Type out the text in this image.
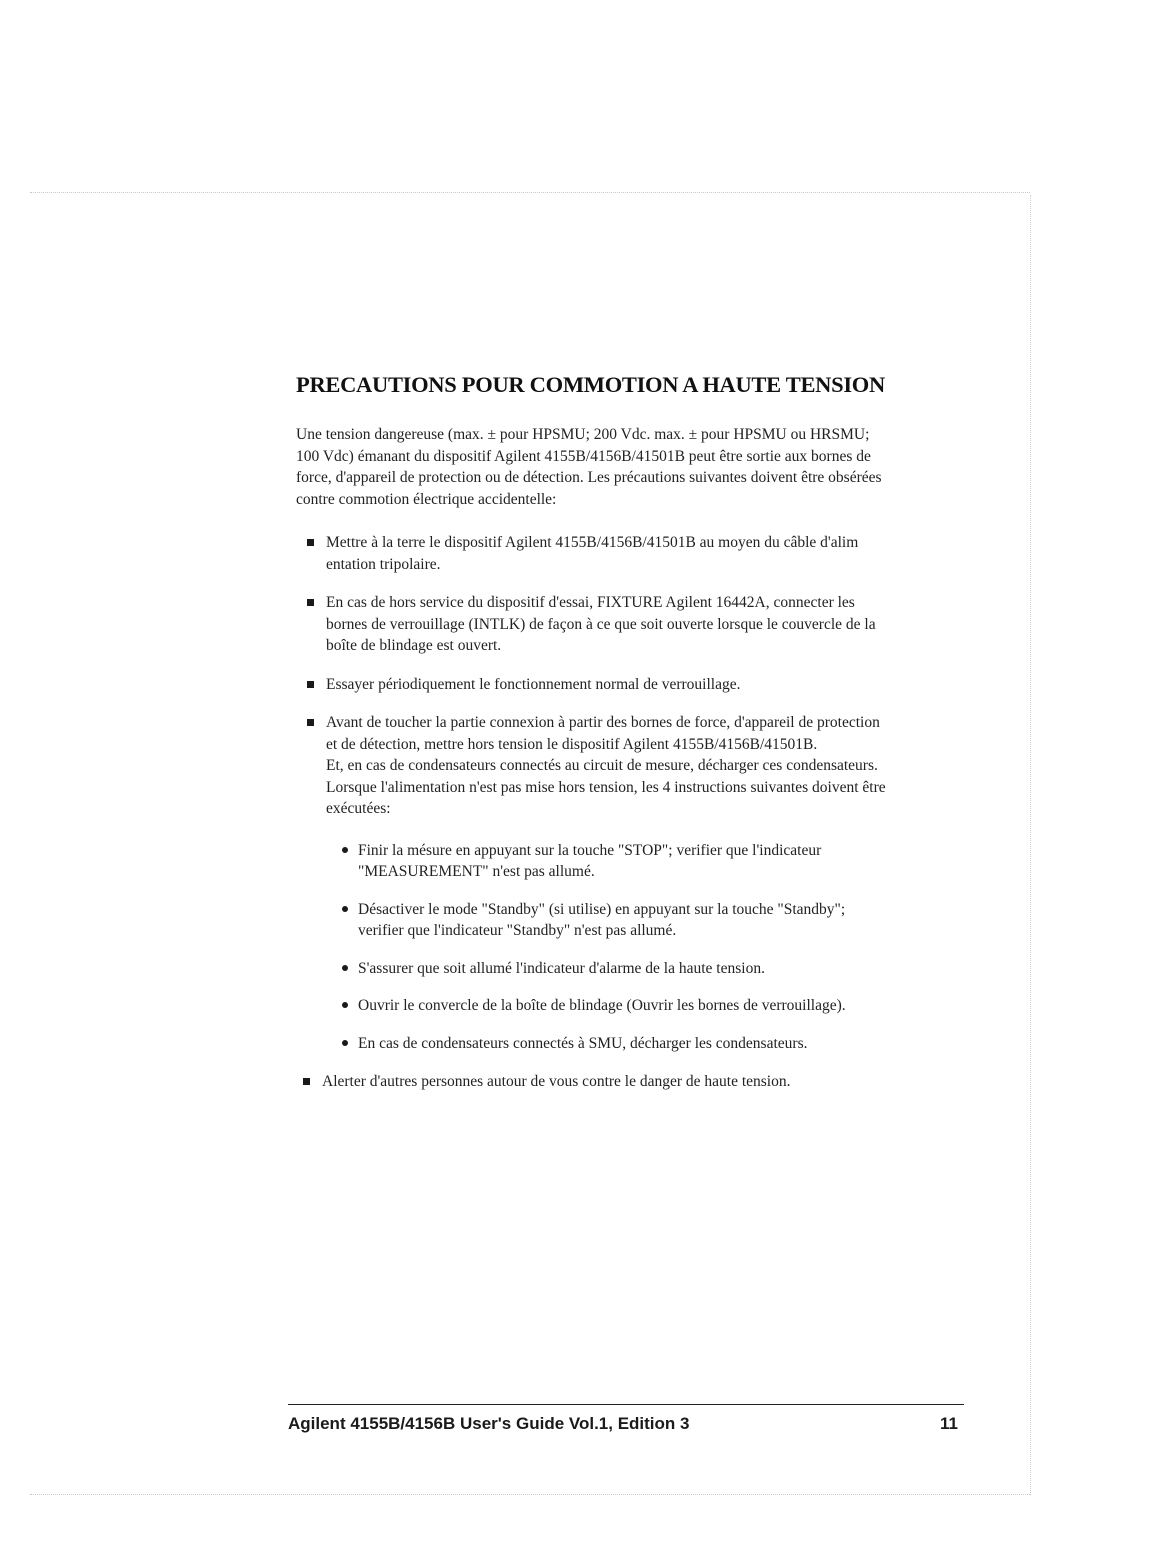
PRECAUTIONS POUR COMMOTION A HAUTE TENSION

Une tension dangereuse (max. ± pour HPSMU; 200 Vdc. max. ± pour HPSMU ou HRSMU;
100 Vdc) émanant du dispositif Agilent 4155B/4156B/41501B peut être sortie aux bornes de
force, d'appareil de protection ou de détection. Les précautions suivantes doivent être obsérées
contre commotion électrique accidentelle:

Mettre à la terre le dispositif Agilent 4155B/4156B/41501B au moyen du câble d'alim
entation tripolaire.
En cas de hors service du dispositif d'essai, FIXTURE Agilent 16442A, connecter les
bornes de verrouillage (INTLK) de façon à ce que soit ouverte lorsque le couvercle de la
boîte de blindage est ouvert.
Essayer périodiquement le fonctionnement normal de verrouillage.
Avant de toucher la partie connexion à partir des bornes de force, d'appareil de protection
et de détection, mettre hors tension le dispositif Agilent 4155B/4156B/41501B.
Et, en cas de condensateurs connectés au circuit de mesure, décharger ces condensateurs.
Lorsque l'alimentation n'est pas mise hors tension, les 4 instructions suivantes doivent être
exécutées:
Finir la mésure en appuyant sur la touche "STOP"; verifier que l'indicateur
"MEASUREMENT" n'est pas allumé.
Désactiver le mode "Standby" (si utilise) en appuyant sur la touche "Standby";
verifier que l'indicateur "Standby" n'est pas allumé.
S'assurer que soit allumé l'indicateur d'alarme de la haute tension.
Ouvrir le convercle de la boîte de blindage (Ouvrir les bornes de verrouillage).
En cas de condensateurs connectés à SMU, décharger les condensateurs.
Alerter d'autres personnes autour de vous contre le danger de haute tension.
Agilent 4155B/4156B User's Guide Vol.1, Edition 3	11
